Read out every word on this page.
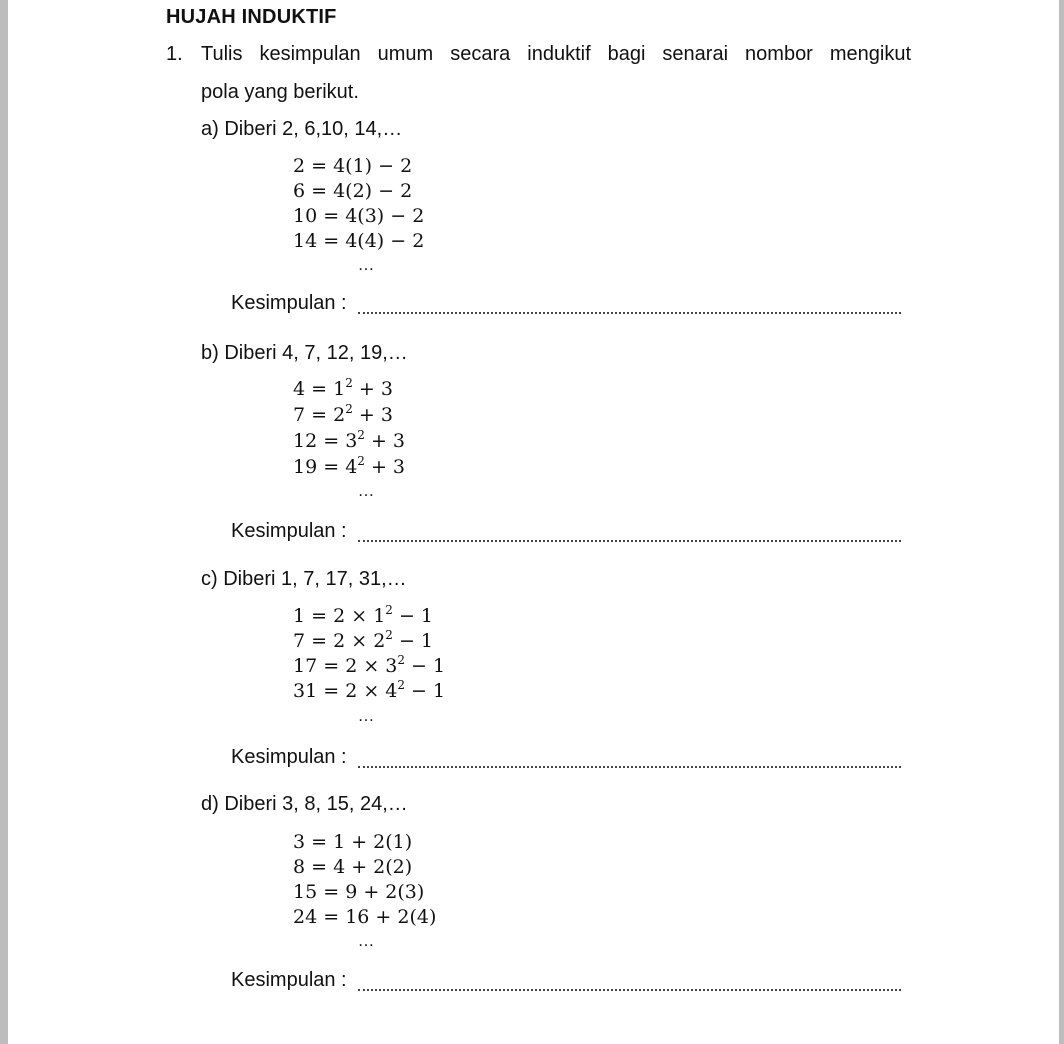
HUJAH INDUKTIF
1. Tulis kesimpulan umum secara induktif bagi senarai nombor mengikut
pola yang berikut.
a) Diberi 2, 6,10, 14,…
2 = 4(1) − 2
6 = 4(2) − 2
10 = 4(3) − 2
14 = 4(4) − 2
…
Kesimpulan :
b) Diberi 4, 7, 12, 19,…
$4 = 1^2 + 3$
$7 = 2^2 + 3$
$12 = 3^2 + 3$
$19 = 4^2 + 3$
…
Kesimpulan :
c) Diberi 1, 7, 17, 31,…
$1 = 2 \times 1^2 - 1$
$7 = 2 \times 2^2 - 1$
$17 = 2 \times 3^2 - 1$
$31 = 2 \times 4^2 - 1$
…
Kesimpulan :
d) Diberi 3, 8, 15, 24,…
3 = 1 + 2(1)
8 = 4 + 2(2)
15 = 9 + 2(3)
24 = 16 + 2(4)
…
Kesimpulan :
